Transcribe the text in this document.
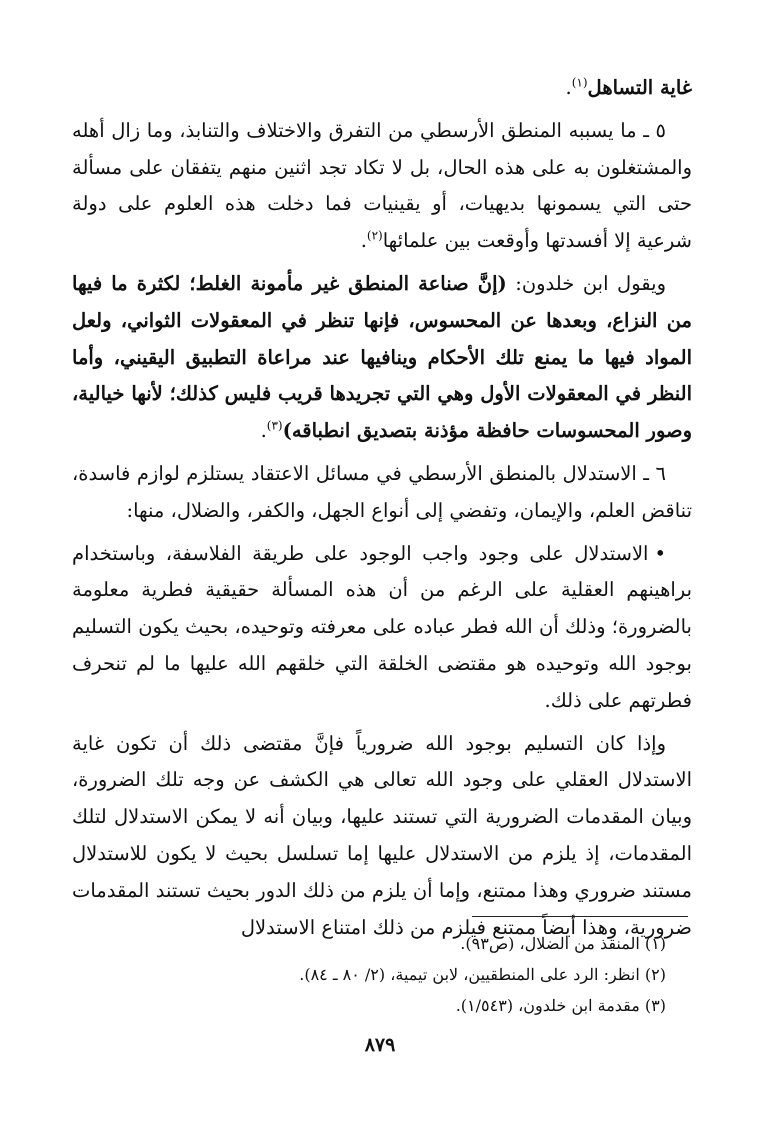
غاية التساهل$^{(١)}$.

٥ ـ ما يسببه المنطق الأرسطي من التفرق والاختلاف والتنابذ، وما زال أهله والمشتغلون به على هذه الحال، بل لا تكاد تجد اثنين منهم يتفقان على مسألة حتى التي يسمونها بديهيات، أو يقينيات فما دخلت هذه العلوم على دولة شرعية إلا أفسدتها وأوقعت بين علمائها$^{(٢)}$.

ويقول ابن خلدون: (إنَّ صناعة المنطق غير مأمونة الغلط؛ لكثرة ما فيها من النزاع، وبعدها عن المحسوس، فإنها تنظر في المعقولات الثواني، ولعل المواد فيها ما يمنع تلك الأحكام وينافيها عند مراعاة التطبيق اليقيني، وأما النظر في المعقولات الأول وهي التي تجريدها قريب فليس كذلك؛ لأنها خيالية، وصور المحسوسات حافظة مؤذنة بتصديق انطباقه)$^{(٣)}$.

٦ ـ الاستدلال بالمنطق الأرسطي في مسائل الاعتقاد يستلزم لوازم فاسدة، تناقض العلم، والإيمان، وتفضي إلى أنواع الجهل، والكفر، والضلال، منها:

•الاستدلال على وجود واجب الوجود على طريقة الفلاسفة، وباستخدام براهينهم العقلية على الرغم من أن هذه المسألة حقيقية فطرية معلومة بالضرورة؛ وذلك أن الله فطر عباده على معرفته وتوحيده، بحيث يكون التسليم بوجود الله وتوحيده هو مقتضى الخلقة التي خلقهم الله عليها ما لم تنحرف فطرتهم على ذلك.

وإذا كان التسليم بوجود الله ضرورياً فإنَّ مقتضى ذلك أن تكون غاية الاستدلال العقلي على وجود الله تعالى هي الكشف عن وجه تلك الضرورة، وبيان المقدمات الضرورية التي تستند عليها، وبيان أنه لا يمكن الاستدلال لتلك المقدمات، إذ يلزم من الاستدلال عليها إما تسلسل بحيث لا يكون للاستدلال مستند ضروري وهذا ممتنع، وإما أن يلزم من ذلك الدور بحيث تستند المقدمات ضرورية، وهذا أيضاً ممتنع فيلزم من ذلك امتناع الاستدلال

(١) المنقذ من الضلال، (ص٩٣).
(٢) انظر: الرد على المنطقيين، لابن تيمية، (٢/ ٨٠ ـ ٨٤).
(٣) مقدمة ابن خلدون، (١/٥٤٣).
٨٧٩
